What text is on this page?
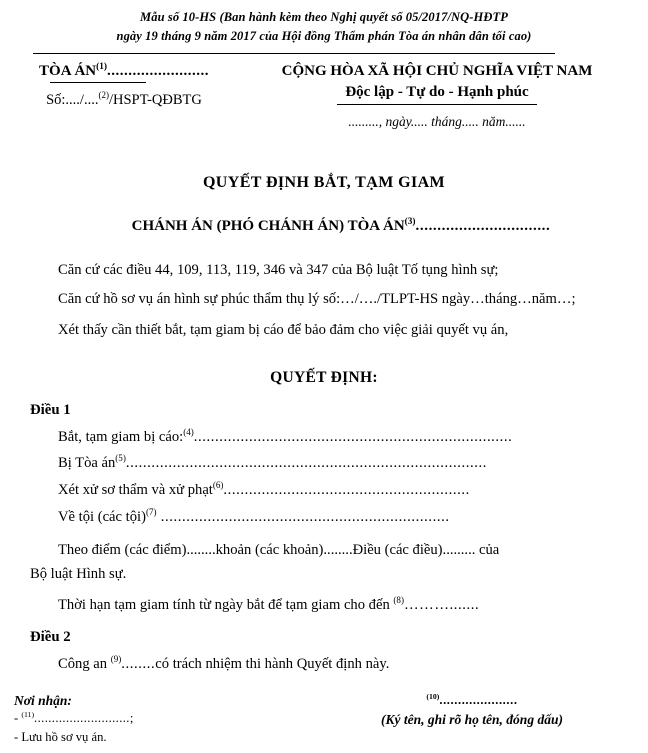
Mẫu số 10-HS (Ban hành kèm theo Nghị quyết số 05/2017/NQ-HĐTP
ngày 19 tháng 9 năm 2017 của Hội đồng Thẩm phán Tòa án nhân dân tối cao)
TÒA ÁN$^{(1)}$........................
Số:..../....$^{(2)}$/HSPT-QĐBTG
CỘNG HÒA XÃ HỘI CHỦ NGHĨA VIỆT NAM
Độc lập - Tự do - Hạnh phúc
........., ngày..... tháng..... năm......
QUYẾT ĐỊNH BẮT, TẠM GIAM
CHÁNH ÁN (PHÓ CHÁNH ÁN) TÒA ÁN$^{(3)}$...............................

Căn cứ các điều 44, 109, 113, 119, 346 và 347 của Bộ luật Tố tụng hình sự;

Căn cứ hồ sơ vụ án hình sự phúc thẩm thụ lý số:…/…./TLPT-HS ngày…tháng…năm…;

Xét thấy cần thiết bắt, tạm giam bị cáo để bảo đảm cho việc giải quyết vụ án,

QUYẾT ĐỊNH:
Điều 1

Bắt, tạm giam bị cáo:$^{(4)}$...........................................................................

Bị Tòa $án^{(5)}$.....................................................................................

Xét xử sơ thẩm và xử phạt$^{(6)}$..........................................................

Về tội (các tội)$^{(7)}$ ....................................................................

Theo điểm (các điểm)........khoản (các khoản)........Điều (các điều)......... của

Bộ luật Hình sự.

Thời hạn tạm giam tính từ ngày bắt để tạm giam cho đến $^{(8)}$……….......

Điều 2

Công an $^{(9)}$........có trách nhiệm thi hành Quyết định này.

Nơi nhận:
- $^{(11)}$...........................;
- Lưu hồ sơ vụ án.
$^{(10)}$.....................
(Ký tên, ghi rõ họ tên, đóng dấu)
